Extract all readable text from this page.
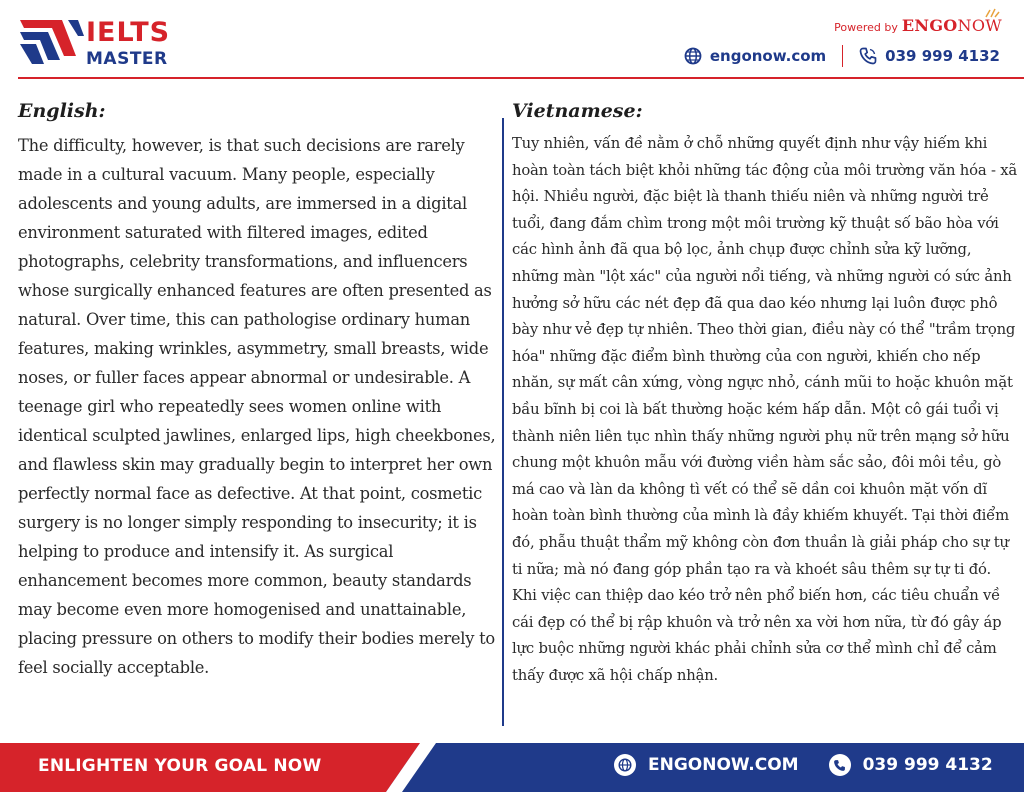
IELTS
MASTER
Powered by ENGONOW
engonow.com	039 999 4132
English:
The difficulty, however, is that such decisions are rarely made in a cultural vacuum. Many people, especially adolescents and young adults, are immersed in a digital environment saturated with filtered images, edited photographs, celebrity transformations, and influencers whose surgically enhanced features are often presented as natural. Over time, this can pathologise ordinary human features, making wrinkles, asymmetry, small breasts, wide noses, or fuller faces appear abnormal or undesirable. A teenage girl who repeatedly sees women online with identical sculpted jawlines, enlarged lips, high cheekbones, and flawless skin may gradually begin to interpret her own perfectly normal face as defective. At that point, cosmetic surgery is no longer simply responding to insecurity; it is helping to produce and intensify it. As surgical enhancement becomes more common, beauty standards may become even more homogenised and unattainable, placing pressure on others to modify their bodies merely to feel socially acceptable.
Vietnamese:
Tuy nhiên, vấn đề nằm ở chỗ những quyết định như vậy hiếm khi hoàn toàn tách biệt khỏi những tác động của môi trường văn hóa - xã hội. Nhiều người, đặc biệt là thanh thiếu niên và những người trẻ tuổi, đang đắm chìm trong một môi trường kỹ thuật số bão hòa với các hình ảnh đã qua bộ lọc, ảnh chụp được chỉnh sửa kỹ lưỡng, những màn "lột xác" của người nổi tiếng, và những người có sức ảnh hưởng sở hữu các nét đẹp đã qua dao kéo nhưng lại luôn được phô bày như vẻ đẹp tự nhiên. Theo thời gian, điều này có thể "trầm trọng hóa" những đặc điểm bình thường của con người, khiến cho nếp nhăn, sự mất cân xứng, vòng ngực nhỏ, cánh mũi to hoặc khuôn mặt bầu bĩnh bị coi là bất thường hoặc kém hấp dẫn. Một cô gái tuổi vị thành niên liên tục nhìn thấy những người phụ nữ trên mạng sở hữu chung một khuôn mẫu với đường viền hàm sắc sảo, đôi môi tều, gò má cao và làn da không tì vết có thể sẽ dần coi khuôn mặt vốn dĩ hoàn toàn bình thường của mình là đầy khiếm khuyết. Tại thời điểm đó, phẫu thuật thẩm mỹ không còn đơn thuần là giải pháp cho sự tự ti nữa; mà nó đang góp phần tạo ra và khoét sâu thêm sự tự ti đó. Khi việc can thiệp dao kéo trở nên phổ biến hơn, các tiêu chuẩn về cái đẹp có thể bị rập khuôn và trở nên xa vời hơn nữa, từ đó gây áp lực buộc những người khác phải chỉnh sửa cơ thể mình chỉ để cảm thấy được xã hội chấp nhận.
ENLIGHTEN YOUR GOAL NOW	ENGONOW.COM	039 999 4132
